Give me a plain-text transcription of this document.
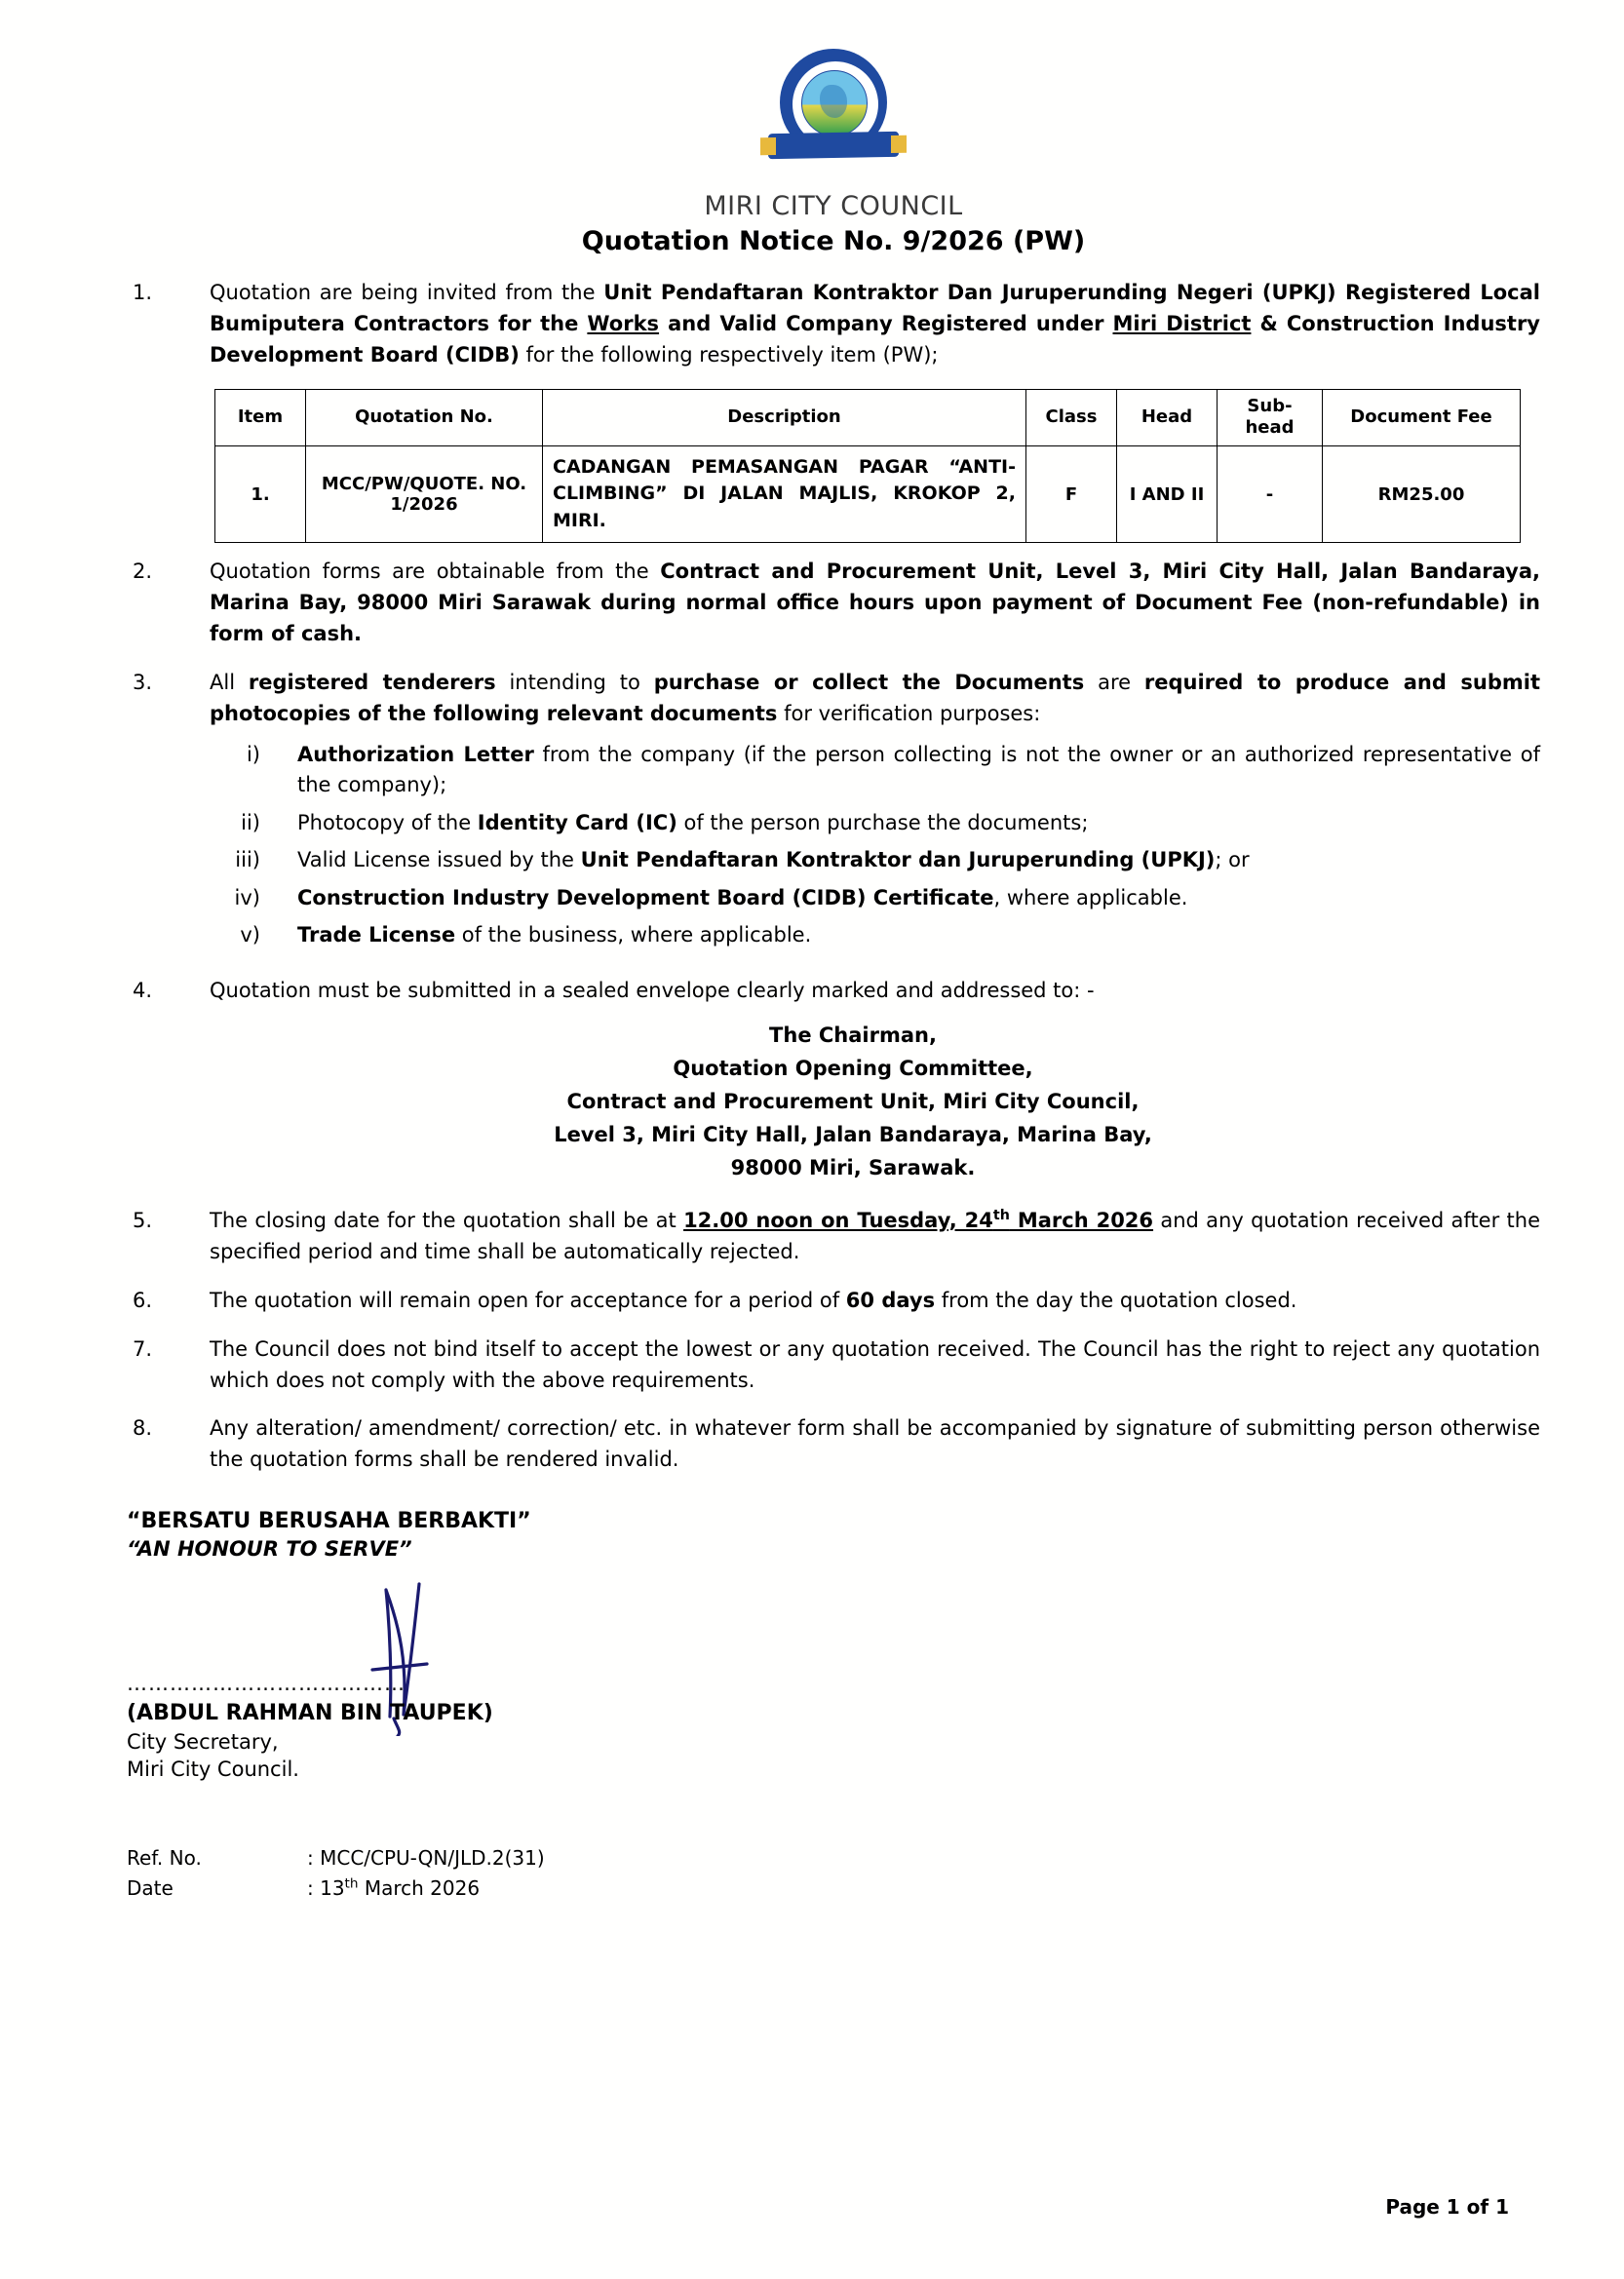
MIRI CITY COUNCIL
Quotation Notice No. 9/2026 (PW)
1.	Quotation are being invited from the Unit Pendaftaran Kontraktor Dan Juruperunding Negeri (UPKJ) Registered Local Bumiputera Contractors for the Works and Valid Company Registered under Miri District & Construction Industry Development Board (CIDB) for the following respectively item (PW);
Item	Quotation No.	Description	Class	Head	Sub-head	Document Fee
1.	MCC/PW/QUOTE. NO. 1/2026	CADANGAN PEMASANGAN PAGAR “ANTI-CLIMBING” DI JALAN MAJLIS, KROKOP 2, MIRI.	F	I AND II	-	RM25.00
2.	Quotation forms are obtainable from the Contract and Procurement Unit, Level 3, Miri City Hall, Jalan Bandaraya, Marina Bay, 98000 Miri Sarawak during normal office hours upon payment of Document Fee (non-refundable) in form of cash.
3.	All registered tenderers intending to purchase or collect the Documents are required to produce and submit photocopies of the following relevant documents for verification purposes:
i)	Authorization Letter from the company (if the person collecting is not the owner or an authorized representative of the company);
ii)	Photocopy of the Identity Card (IC) of the person purchase the documents;
iii)	Valid License issued by the Unit Pendaftaran Kontraktor dan Juruperunding (UPKJ); or
iv)	Construction Industry Development Board (CIDB) Certificate, where applicable.
v)	Trade License of the business, where applicable.
4.	Quotation must be submitted in a sealed envelope clearly marked and addressed to: -
The Chairman,
Quotation Opening Committee,
Contract and Procurement Unit, Miri City Council,
Level 3, Miri City Hall, Jalan Bandaraya, Marina Bay,
98000 Miri, Sarawak.
5.	The closing date for the quotation shall be at 12.00 noon on Tuesday, 24th March 2026 and any quotation received after the specified period and time shall be automatically rejected.
6.	The quotation will remain open for acceptance for a period of 60 days from the day the quotation closed.
7.	The Council does not bind itself to accept the lowest or any quotation received. The Council has the right to reject any quotation which does not comply with the above requirements.
8.	Any alteration/ amendment/ correction/ etc. in whatever form shall be accompanied by signature of submitting person otherwise the quotation forms shall be rendered invalid.
“BERSATU BERUSAHA BERBAKTI”
“AN HONOUR TO SERVE”
…………………………………
(ABDUL RAHMAN BIN TAUPEK)
City Secretary,
Miri City Council.
Ref. No.	: MCC/CPU-QN/JLD.2(31)
Date	: 13th March 2026
Page 1 of 1
